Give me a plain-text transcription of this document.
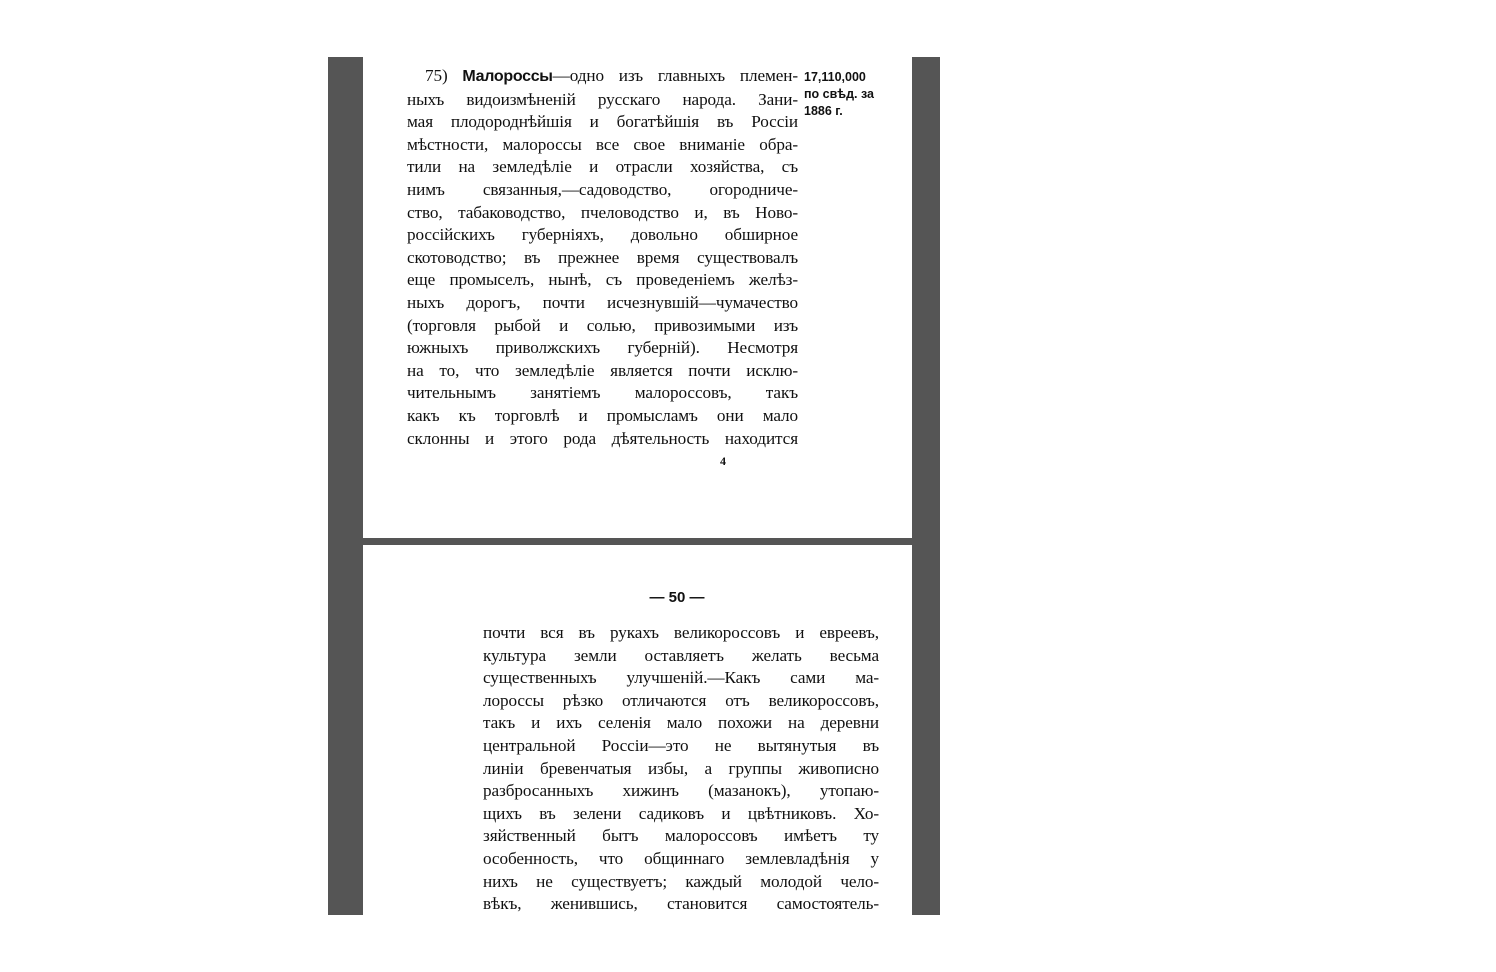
75) Малороссы—одно изъ главныхъ племен-
ныхъ видоизмѣненій русскаго народа. Зани-
мая плодороднѣйшія и богатѣйшія въ Россіи
мѣстности, малороссы все свое вниманіе обра-
тили на земледѣліе и отрасли хозяйства, съ
нимъ связанныя,—садоводство, огородниче-
ство, табаководство, пчеловодство и, въ Ново-
россійскихъ губерніяхъ, довольно обширное
скотоводство; въ прежнее время существовалъ
еще промыселъ, нынѣ, съ проведеніемъ желѣз-
ныхъ дорогъ, почти исчезнувшій—чумачество
(торговля рыбой и солью, привозимыми изъ
южныхъ приволжскихъ губерній). Несмотря
на то, что земледѣліе является почти исклю-
чительнымъ занятіемъ малороссовъ, такъ
какъ къ торговлѣ и промысламъ они мало
склонны и этого рода дѣятельность находится
17,110,000
по свѣд. за
1886 г.
4
— 50 —
почти вся въ рукахъ великороссовъ и евреевъ,
культура земли оставляетъ желать весьма
существенныхъ улучшеній.—Какъ сами ма-
лороссы рѣзко отличаются отъ великороссовъ,
такъ и ихъ селенія мало похожи на деревни
центральной Россіи—это не вытянутыя въ
линіи бревенчатыя избы, а группы живописно
разбросанныхъ хижинъ (мазанокъ), утопаю-
щихъ въ зелени садиковъ и цвѣтниковъ. Хо-
зяйственный бытъ малороссовъ имѣетъ ту
особенность, что общиннаго землевладѣнія у
нихъ не существуетъ; каждый молодой чело-
вѣкъ, женившись, становится самостоятель-
